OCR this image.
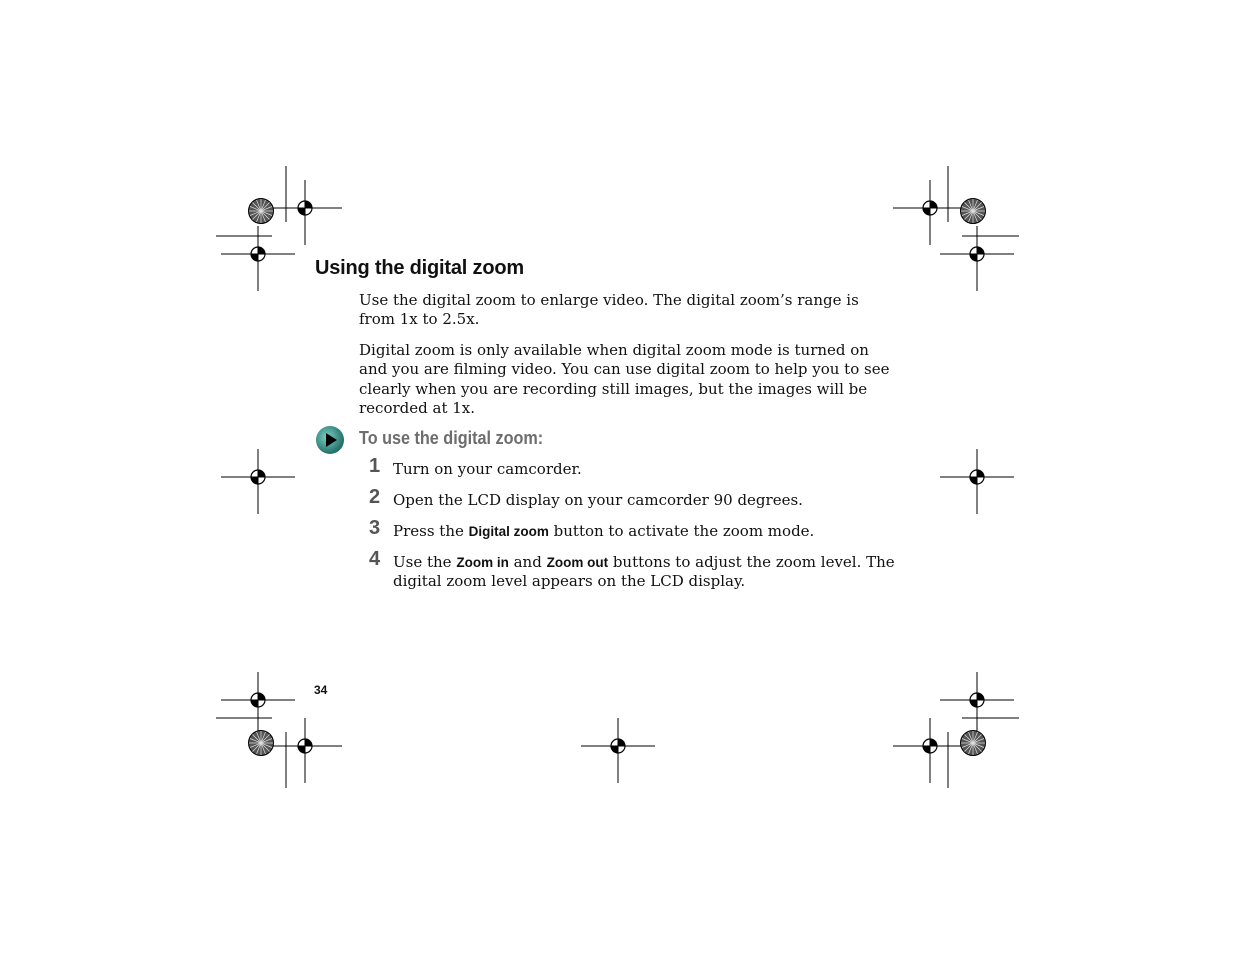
Using the digital zoom

Use the digital zoom to enlarge video. The digital zoom’s range is from 1x to 2.5x.

Digital zoom is only available when digital zoom mode is turned on and you are filming video. You can use digital zoom to help you to see clearly when you are recording still images, but the images will be recorded at 1x.

To use the digital zoom:
1 Turn on your camcorder.

2 Open the LCD display on your camcorder 90 degrees.

3 Press the Digital zoom button to activate the zoom mode.

4 Use the Zoom in and Zoom out buttons to adjust the zoom level. The digital zoom level appears on the LCD display.

34
